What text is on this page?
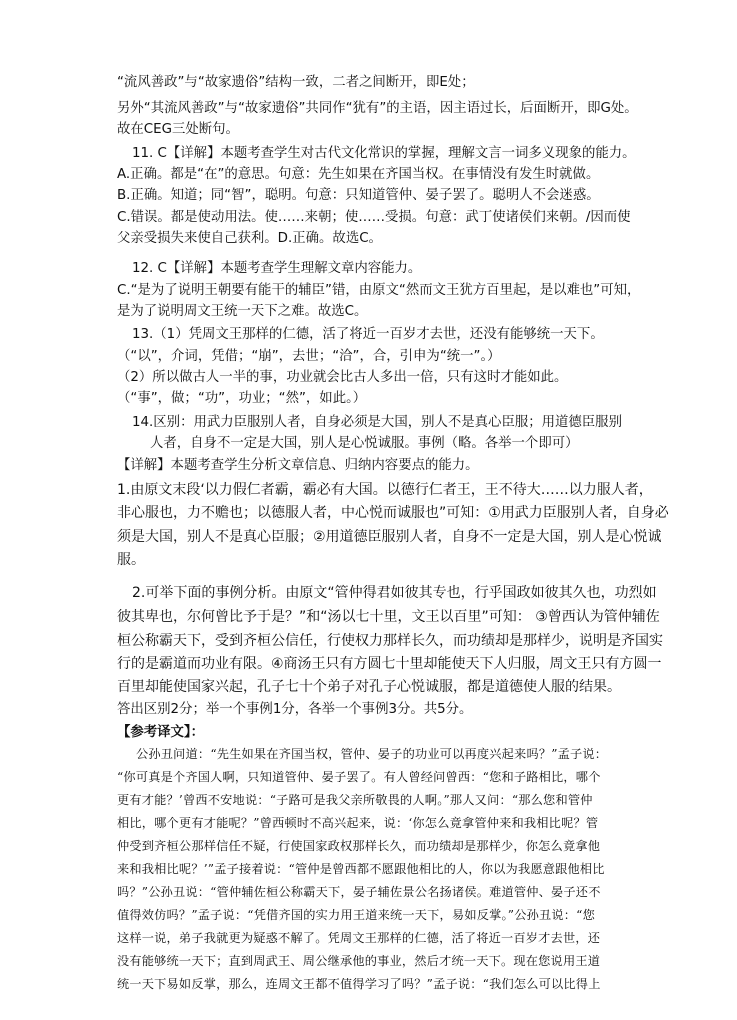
“流风善政”与“故家遗俗”结构一致，二者之间断开，即E处；
另外“其流风善政”与“故家遗俗”共同作“犹有”的主语，因主语过长，后面断开，即G处。
故在CEG三处断句。
11. C【详解】本题考查学生对古代文化常识的掌握，理解文言一词多义现象的能力。
A.正确。都是“在”的意思。句意：先生如果在齐国当权。在事情没有发生时就做。
B.正确。知道；同“智”，聪明。句意：只知道管仲、晏子罢了。聪明人不会迷惑。
C.错误。都是使动用法。使……来朝；使……受损。句意：武丁使诸侯们来朝。/因而使
父亲受损失来使自己获利。D.正确。故选C。
12. C【详解】本题考查学生理解文章内容能力。
C.“是为了说明王朝要有能干的辅臣”错，由原文“然而文王犹方百里起，是以难也”可知，
是为了说明周文王统一天下之难。故选C。
13.（1）凭周文王那样的仁德，活了将近一百岁才去世，还没有能够统一天下。
（“以”，介词，凭借；“崩”，去世；“洽”，合，引申为“统一”。）
（2）所以做古人一半的事，功业就会比古人多出一倍，只有这时才能如此。
（“事”，做；“功”，功业；“然”，如此。）
14.区别：用武力臣服别人者，自身必须是大国，别人不是真心臣服；用道德臣服别
人者，自身不一定是大国，别人是心悦诚服。事例（略。各举一个即可）
【详解】本题考查学生分析文章信息、归纳内容要点的能力。
1.由原文末段‘以力假仁者霸，霸必有大国。以德行仁者王，王不待大……以力服人者，
非心服也，力不赡也；以德服人者，中心悦而诚服也”可知：①用武力臣服别人者，自身必
须是大国，别人不是真心臣服；②用道德臣服别人者，自身不一定是大国，别人是心悦诚
服。
2.可举下面的事例分析。由原文“管仲得君如彼其专也，行乎国政如彼其久也，功烈如
彼其卑也，尔何曾比予于是？”和“汤以七十里，文王以百里”可知： ③曾西认为管仲辅佐
桓公称霸天下，受到齐桓公信任，行使权力那样长久，而功绩却是那样少，说明是齐国实
行的是霸道而功业有限。④商汤王只有方圆七十里却能使天下人归服，周文王只有方圆一
百里却能使国家兴起，孔子七十个弟子对孔子心悦诚服，都是道德使人服的结果。
答出区别2分；举一个事例1分，各举一个事例3分。共5分。
【参考译文】：
公孙丑问道：“先生如果在齐国当权，管仲、晏子的功业可以再度兴起来吗？”孟子说：
“你可真是个齐国人啊，只知道管仲、晏子罢了。有人曾经问曾西：“您和子路相比，哪个
更有才能？’曾西不安地说：“子路可是我父亲所敬畏的人啊。”那人又问：“那么您和管仲
相比，哪个更有才能呢？”曾西顿时不高兴起来，说：‘你怎么竟拿管仲来和我相比呢？管
仲受到齐桓公那样信任不疑，行使国家政权那样长久，而功绩却是那样少，你怎么竟拿他
来和我相比呢？’”孟子接着说：“管仲是曾西都不愿跟他相比的人，你以为我愿意跟他相比
吗？”公孙丑说：“管仲辅佐桓公称霸天下，晏子辅佐景公名扬诸侯。难道管仲、晏子还不
值得效仿吗？”孟子说：“凭借齐国的实力用王道来统一天下，易如反掌。”公孙丑说：“您
这样一说，弟子我就更为疑惑不解了。凭周文王那样的仁德，活了将近一百岁才去世，还
没有能够统一天下；直到周武王、周公继承他的事业，然后才统一天下。现在您说用王道
统一天下易如反掌，那么，连周文王都不值得学习了吗？”孟子说：“我们怎么可以比得上
